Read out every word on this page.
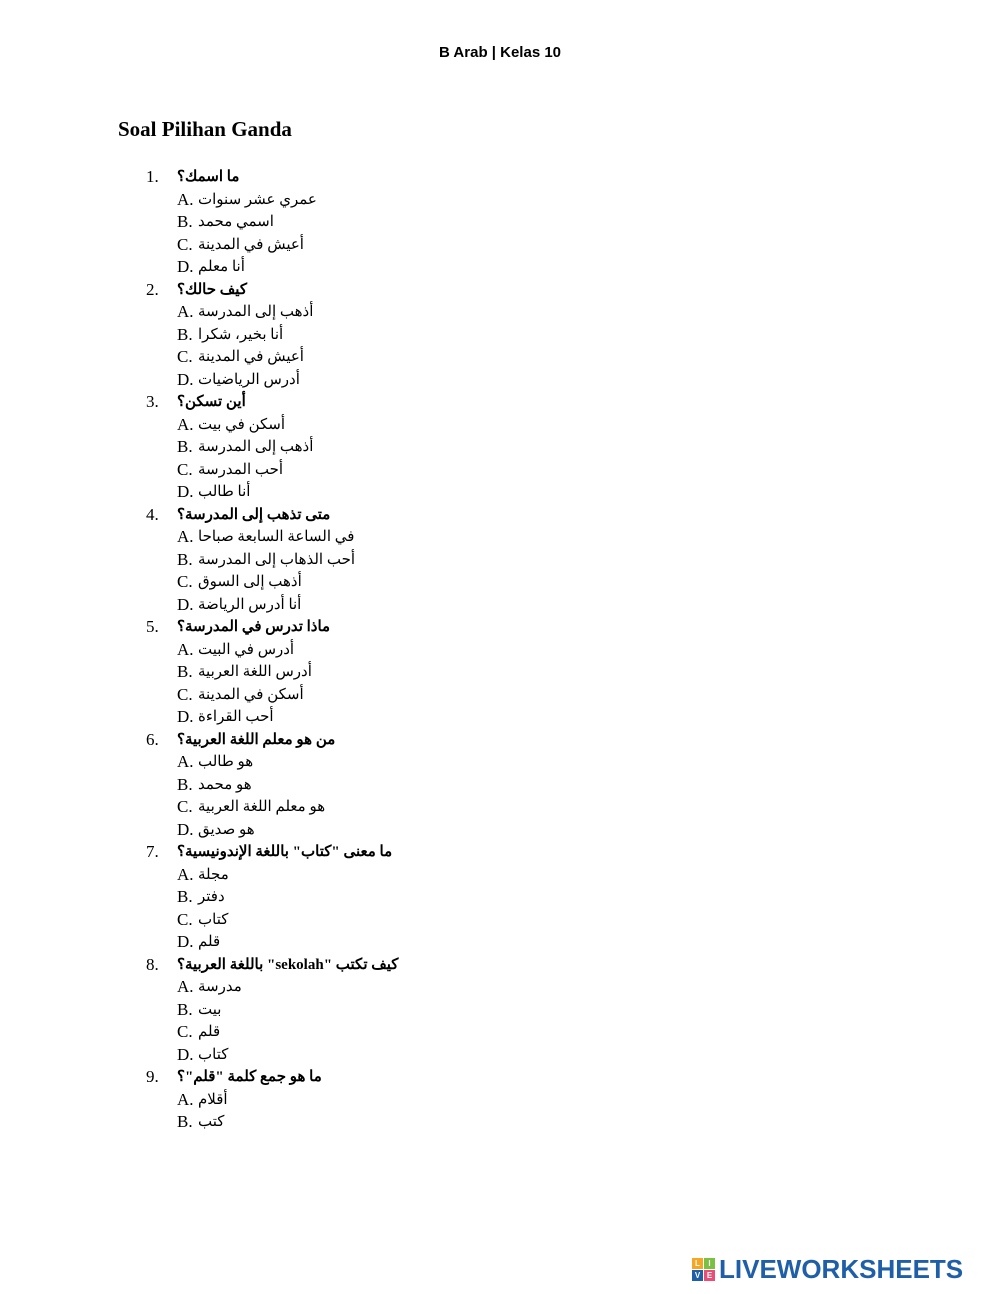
B Arab | Kelas 10
Soal Pilihan Ganda
1.	ما اسمك؟
A. عمري عشر سنوات
B. اسمي محمد
C. أعيش في المدينة
D. أنا معلم
2.	كيف حالك؟
A. أذهب إلى المدرسة
B. أنا بخير، شكرا
C. أعيش في المدينة
D. أدرس الرياضيات
3.	أين تسكن؟
A. أسكن في بيت
B. أذهب إلى المدرسة
C. أحب المدرسة
D. أنا طالب
4.	متى تذهب إلى المدرسة؟
A. في الساعة السابعة صباحا
B. أحب الذهاب إلى المدرسة
C. أذهب إلى السوق
D. أنا أدرس الرياضة
5.	ماذا تدرس في المدرسة؟
A. أدرس في البيت
B. أدرس اللغة العربية
C. أسكن في المدينة
D. أحب القراءة
6.	من هو معلم اللغة العربية؟
A. هو طالب
B. هو محمد
C. هو معلم اللغة العربية
D. هو صديق
7.	ما معنى "كتاب" باللغة الإندونيسية؟
A. مجلة
B. دفتر
C. كتاب
D. قلم
8.	كيف تكتب "sekolah" باللغة العربية؟
A. مدرسة
B. بيت
C. قلم
D. كتاب
9.	ما هو جمع كلمة "قلم"؟
A. أقلام
B. كتب
L	I
V E LIVEWORKSHEETS
